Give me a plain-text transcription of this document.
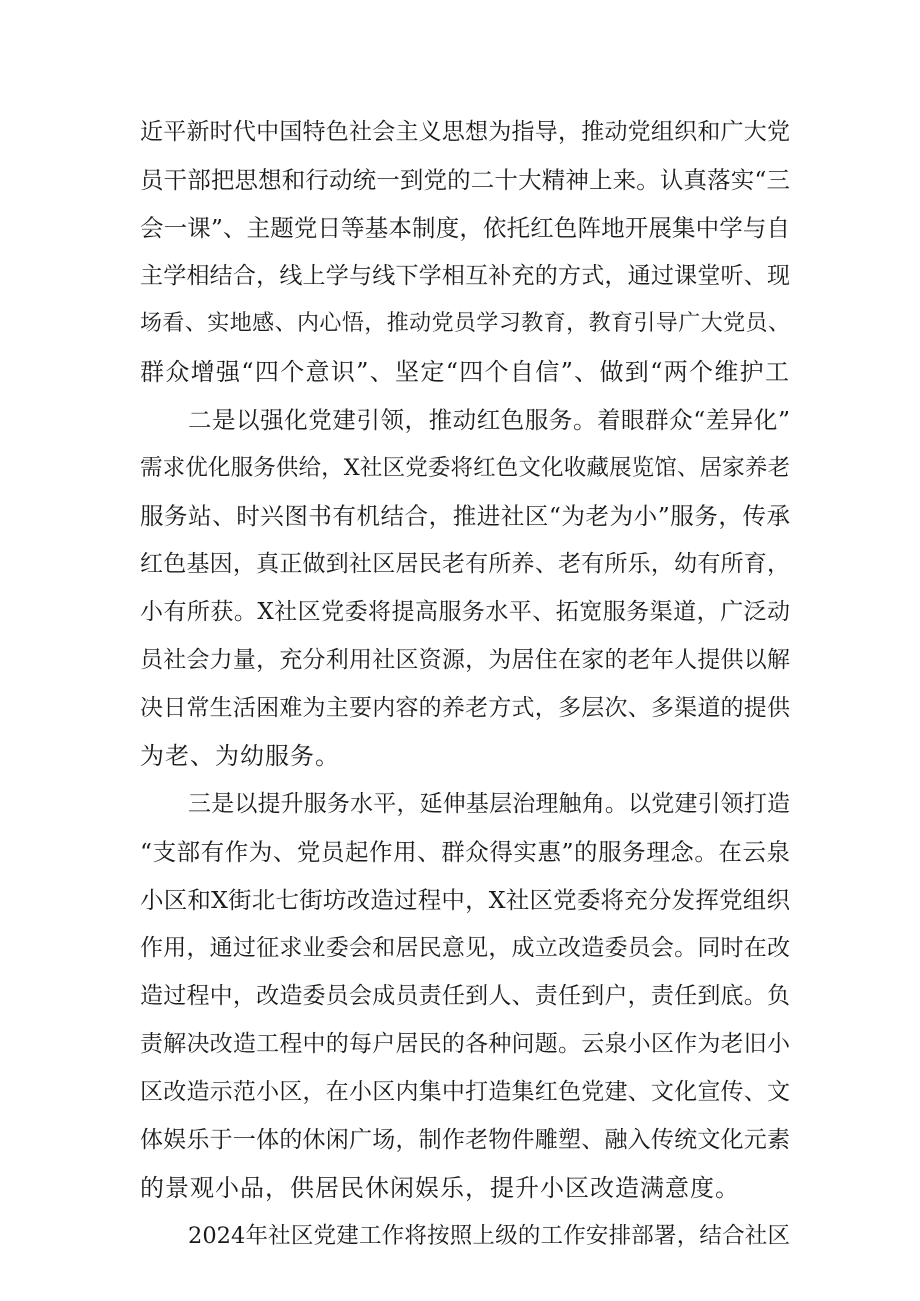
近平新时代中国特色社会主义思想为指导，推动党组织和广大党
员干部把思想和行动统一到党的二十大精神上来。认真落实“三
会一课”、主题党日等基本制度，依托红色阵地开展集中学与自
主学相结合，线上学与线下学相互补充的方式，通过课堂听、现
场看、实地感、内心悟，推动党员学习教育，教育引导广大党员、
群众增强“四个意识”、坚定“四个自信”、做到“两个维护工
二是以强化党建引领，推动红色服务。着眼群众“差异化”
需求优化服务供给，X社区党委将红色文化收藏展览馆、居家养老
服务站、时兴图书有机结合，推进社区“为老为小”服务，传承
红色基因，真正做到社区居民老有所养、老有所乐，幼有所育，
小有所获。X社区党委将提高服务水平、拓宽服务渠道，广泛动
员社会力量，充分利用社区资源，为居住在家的老年人提供以解
决日常生活困难为主要内容的养老方式，多层次、多渠道的提供
为老、为幼服务。
三是以提升服务水平，延伸基层治理触角。以党建引领打造
“支部有作为、党员起作用、群众得实惠”的服务理念。在云泉
小区和X街北七街坊改造过程中，X社区党委将充分发挥党组织
作用，通过征求业委会和居民意见，成立改造委员会。同时在改
造过程中，改造委员会成员责任到人、责任到户，责任到底。负
责解决改造工程中的每户居民的各种问题。云泉小区作为老旧小
区改造示范小区，在小区内集中打造集红色党建、文化宣传、文
体娱乐于一体的休闲广场，制作老物件雕塑、融入传统文化元素
的景观小品，供居民休闲娱乐，提升小区改造满意度。
2024年社区党建工作将按照上级的工作安排部署，结合社区
